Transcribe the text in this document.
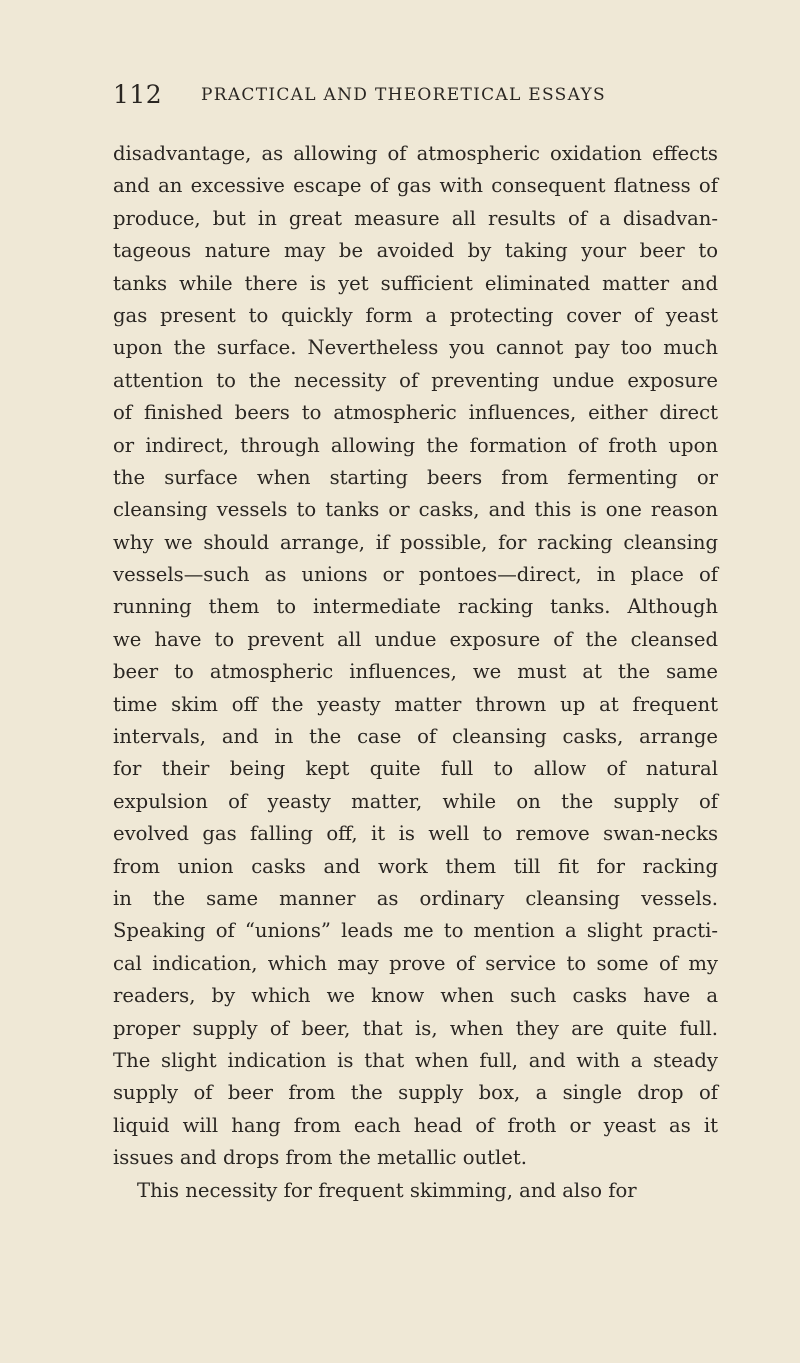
112 PRACTICAL AND THEORETICAL ESSAYS
disadvantage, as allowing of atmospheric oxidation effects
and an excessive escape of gas with consequent flatness of
produce, but in great measure all results of a disadvan-
tageous nature may be avoided by taking your beer to
tanks while there is yet sufficient eliminated matter and
gas present to quickly form a protecting cover of yeast
upon the surface. Nevertheless you cannot pay too much
attention to the necessity of preventing undue exposure
of finished beers to atmospheric influences, either direct
or indirect, through allowing the formation of froth upon
the surface when starting beers from fermenting or
cleansing vessels to tanks or casks, and this is one reason
why we should arrange, if possible, for racking cleansing
vessels—such as unions or pontoes—direct, in place of
running them to intermediate racking tanks. Although
we have to prevent all undue exposure of the cleansed
beer to atmospheric influences, we must at the same
time skim off the yeasty matter thrown up at frequent
intervals, and in the case of cleansing casks, arrange
for their being kept quite full to allow of natural
expulsion of yeasty matter, while on the supply of
evolved gas falling off, it is well to remove swan-necks
from union casks and work them till fit for racking
in the same manner as ordinary cleansing vessels.
Speaking of “unions” leads me to mention a slight practi-
cal indication, which may prove of service to some of my
readers, by which we know when such casks have a
proper supply of beer, that is, when they are quite full.
The slight indication is that when full, and with a steady
supply of beer from the supply box, a single drop of
liquid will hang from each head of froth or yeast as it
issues and drops from the metallic outlet.
This necessity for frequent skimming, and also for
